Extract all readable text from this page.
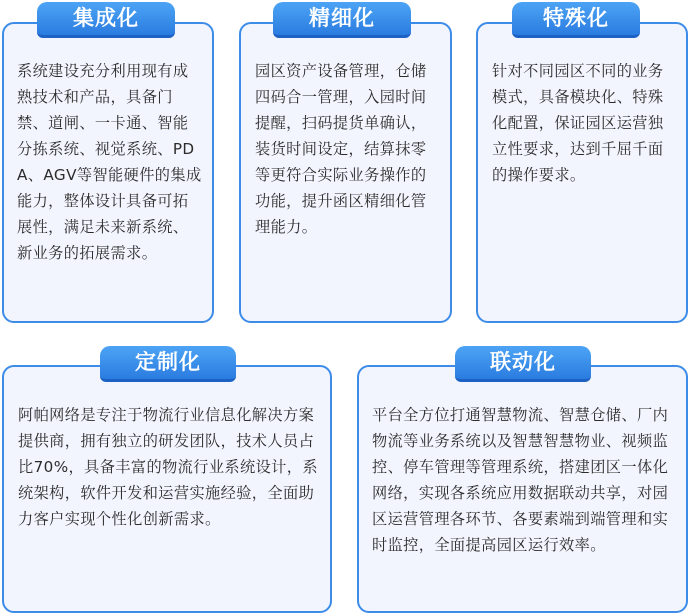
系统建设充分利用现有成熟技术和产品，具备门禁、道闸、一卡通、智能分拣系统、视觉系统、PDA、AGV等智能硬件的集成能力，整体设计具备可拓展性，满足未来新系统、新业务的拓展需求。
集成化
园区资产设备管理，仓储四码合一管理，入园时间提醒，扫码提货单确认，装货时间设定，结算抹零等更符合实际业务操作的功能，提升函区精细化管理能力。
精细化
针对不同园区不同的业务模式，具备模块化、特殊化配置，保证园区运营独立性要求，达到千屈千面的操作要求。
特殊化
阿帕网络是专注于物流行业信息化解决方案提供商，拥有独立的研发团队，技术人员占比70%，具备丰富的物流行业系统设计，系统架构，软件开发和运营实施经验，全面助力客户实现个性化创新需求。
定制化
平台全方位打通智慧物流、智慧仓储、厂内物流等业务系统以及智慧智慧物业、视频监控、停车管理等管理系统，搭建团区一体化网络，实现各系统应用数据联动共享，对园区运营管理各环节、各要素端到端管理和实时监控，全面提高园区运行效率。
联动化
